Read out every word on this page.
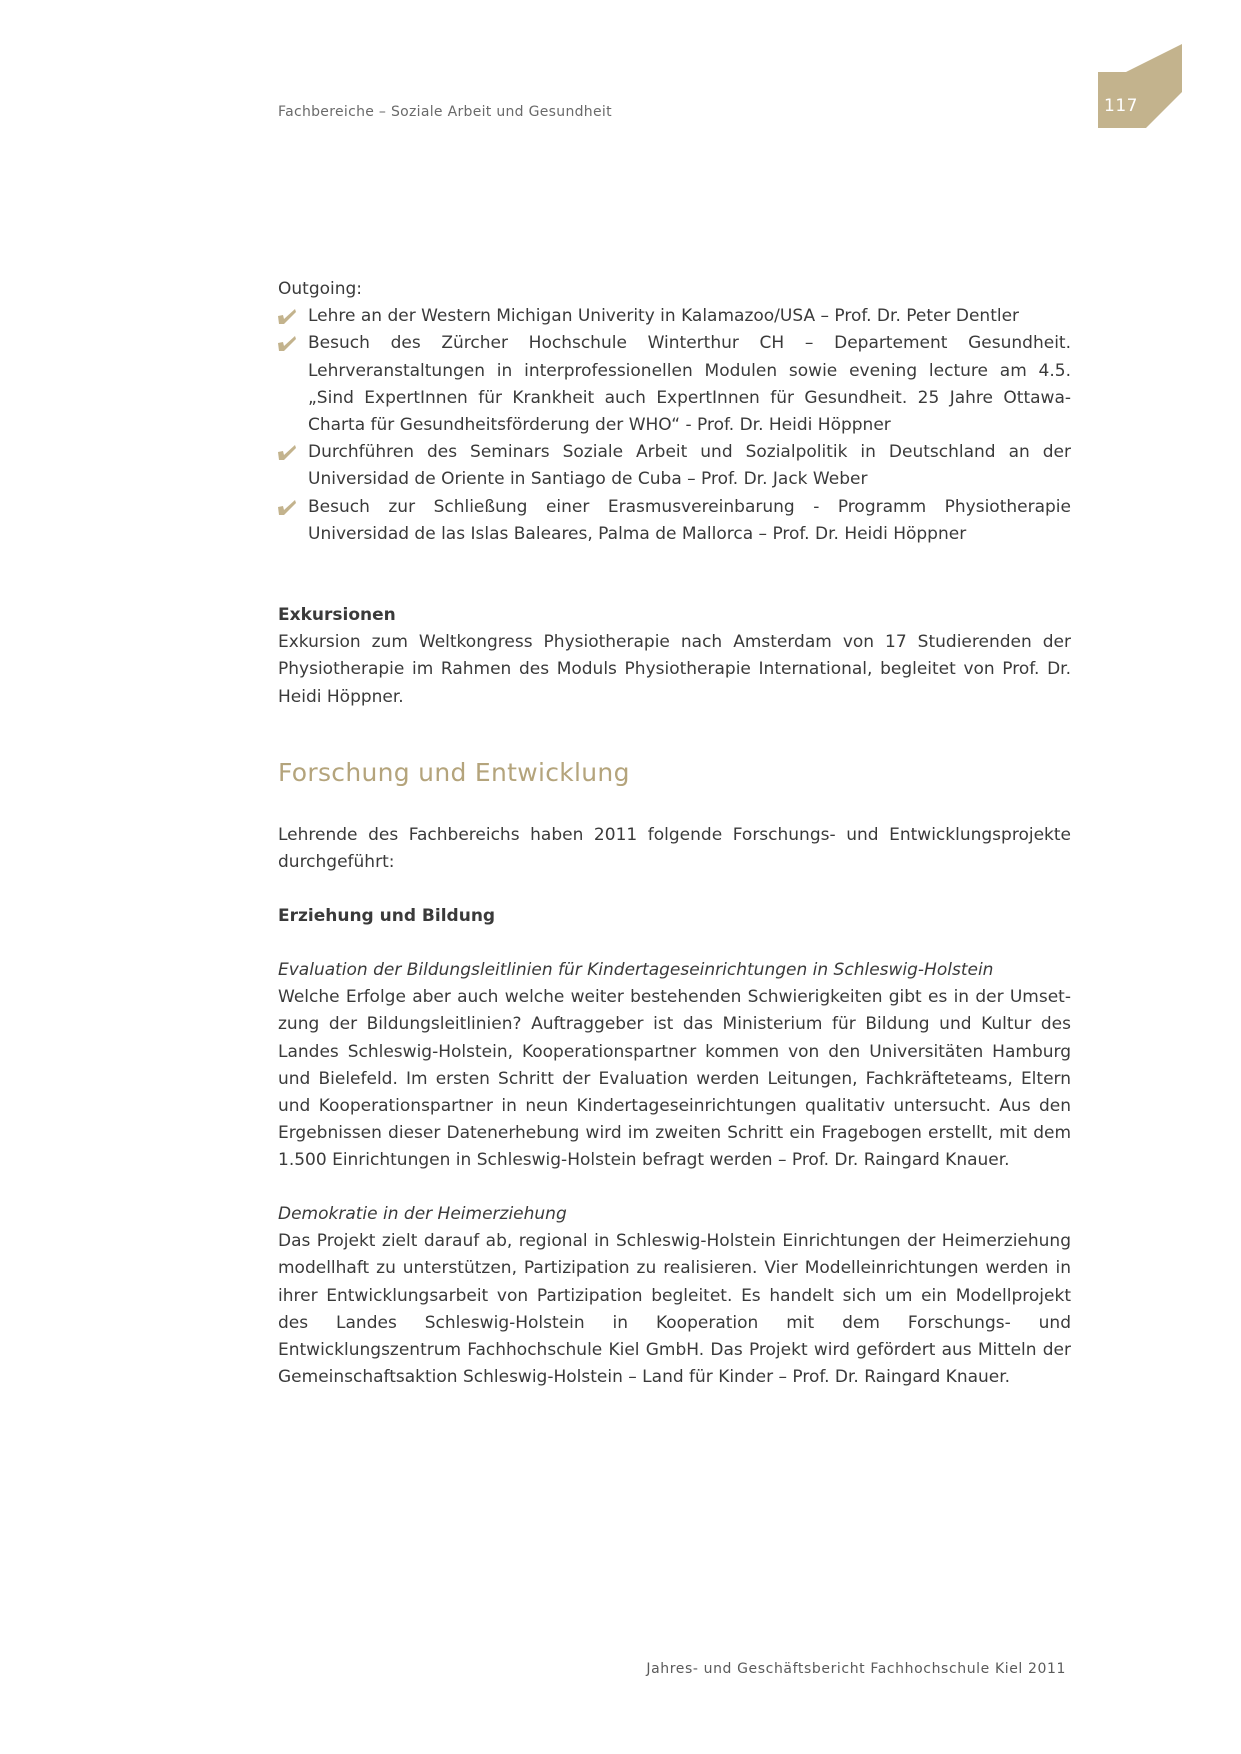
Fachbereiche – Soziale Arbeit und Gesundheit	117

Outgoing:

Lehre an der Western Michigan Univerity in Kalamazoo/USA – Prof. Dr. Peter Dentler
Besuch des Zürcher Hochschule Winterthur CH – Departement Gesundheit. Lehrveranstaltungen in interprofessionellen Modulen sowie evening lecture am 4.5. „Sind ExpertInnen für Krankheit auch ExpertInnen für Gesundheit. 25 Jahre Ottawa-Charta für Gesundheitsförderung der WHO“ - Prof. Dr. Heidi Höppner
Durchführen des Seminars Soziale Arbeit und Sozialpolitik in Deutschland an der Universidad de Oriente in Santiago de Cuba – Prof. Dr. Jack Weber
Besuch zur Schließung einer Erasmusvereinbarung - Programm Physiotherapie Universidad de las Islas Baleares, Palma de Mallorca – Prof. Dr. Heidi Höppner

Exkursionen

Exkursion zum Weltkongress Physiotherapie nach Amsterdam von 17 Studierenden der Physiotherapie im Rahmen des Moduls Physiotherapie International, begleitet von Prof. Dr. Heidi Höppner.

Forschung und Entwicklung

Lehrende des Fachbereichs haben 2011 folgende Forschungs- und Entwicklungsprojekte durchgeführt:

Erziehung und Bildung

Evaluation der Bildungsleitlinien für Kindertageseinrichtungen in Schleswig-Holstein

Welche Erfolge aber auch welche weiter bestehenden Schwierigkeiten gibt es in der Umsetzung der Bildungsleitlinien? Auftraggeber ist das Ministerium für Bildung und Kultur des Landes Schleswig-Holstein, Kooperationspartner kommen von den Universitäten Hamburg und Bielefeld. Im ersten Schritt der Evaluation werden Leitungen, Fachkräfteteams, Eltern und Kooperationspartner in neun Kindertageseinrichtungen qualitativ untersucht. Aus den Ergebnissen dieser Datenerhebung wird im zweiten Schritt ein Fragebogen erstellt, mit dem 1.500 Einrichtungen in Schleswig-Holstein befragt werden – Prof. Dr. Raingard Knauer.

Demokratie in der Heimerziehung

Das Projekt zielt darauf ab, regional in Schleswig-Holstein Einrichtungen der Heimerziehung modellhaft zu unterstützen, Partizipation zu realisieren. Vier Modelleinrichtungen werden in ihrer Entwicklungsarbeit von Partizipation begleitet. Es handelt sich um ein Modellprojekt des Landes Schleswig-Holstein in Kooperation mit dem Forschungs- und Entwicklungszentrum Fachhochschule Kiel GmbH. Das Projekt wird gefördert aus Mitteln der Gemeinschaftsaktion Schleswig-Holstein – Land für Kinder – Prof. Dr. Raingard Knauer.

Jahres- und Geschäftsbericht Fachhochschule Kiel 2011
